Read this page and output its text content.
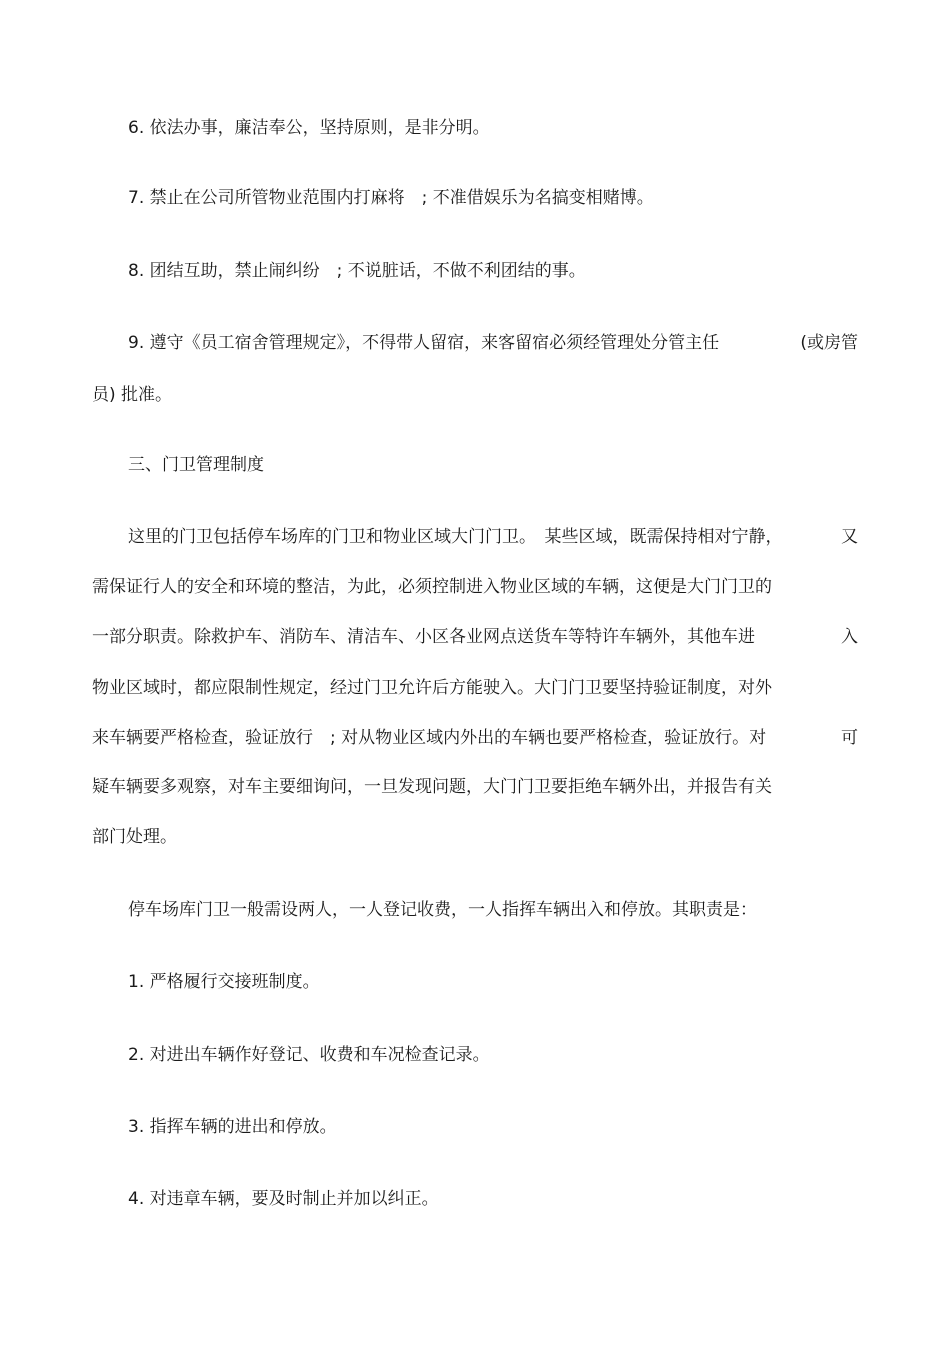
6. 依法办事，廉洁奉公，坚持原则，是非分明。

7. 禁止在公司所管物业范围内打麻将　; 不准借娱乐为名搞变相赌博。

8. 团结互助，禁止闹纠纷　; 不说脏话，不做不利团结的事。

9. 遵守《员工宿舍管理规定》，不得带人留宿，来客留宿必须经管理处分管主任	(或房管

员) 批准。

三、门卫管理制度

这里的门卫包括停车场库的门卫和物业区域大门门卫。　某些区域，既需保持相对宁静，	又

需保证行人的安全和环境的整洁，为此，必须控制进入物业区域的车辆，这便是大门门卫的

一部分职责。除救护车、消防车、清洁车、小区各业网点送货车等特许车辆外，其他车进	入

物业区域时，都应限制性规定，经过门卫允许后方能驶入。大门门卫要坚持验证制度，对外

来车辆要严格检查，验证放行　; 对从物业区域内外出的车辆也要严格检查，验证放行。对	可

疑车辆要多观察，对车主要细询问，一旦发现问题，大门门卫要拒绝车辆外出，并报告有关

部门处理。

停车场库门卫一般需设两人，一人登记收费，一人指挥车辆出入和停放。其职责是：

1. 严格履行交接班制度。

2. 对进出车辆作好登记、收费和车况检查记录。

3. 指挥车辆的进出和停放。

4. 对违章车辆，要及时制止并加以纠正。
